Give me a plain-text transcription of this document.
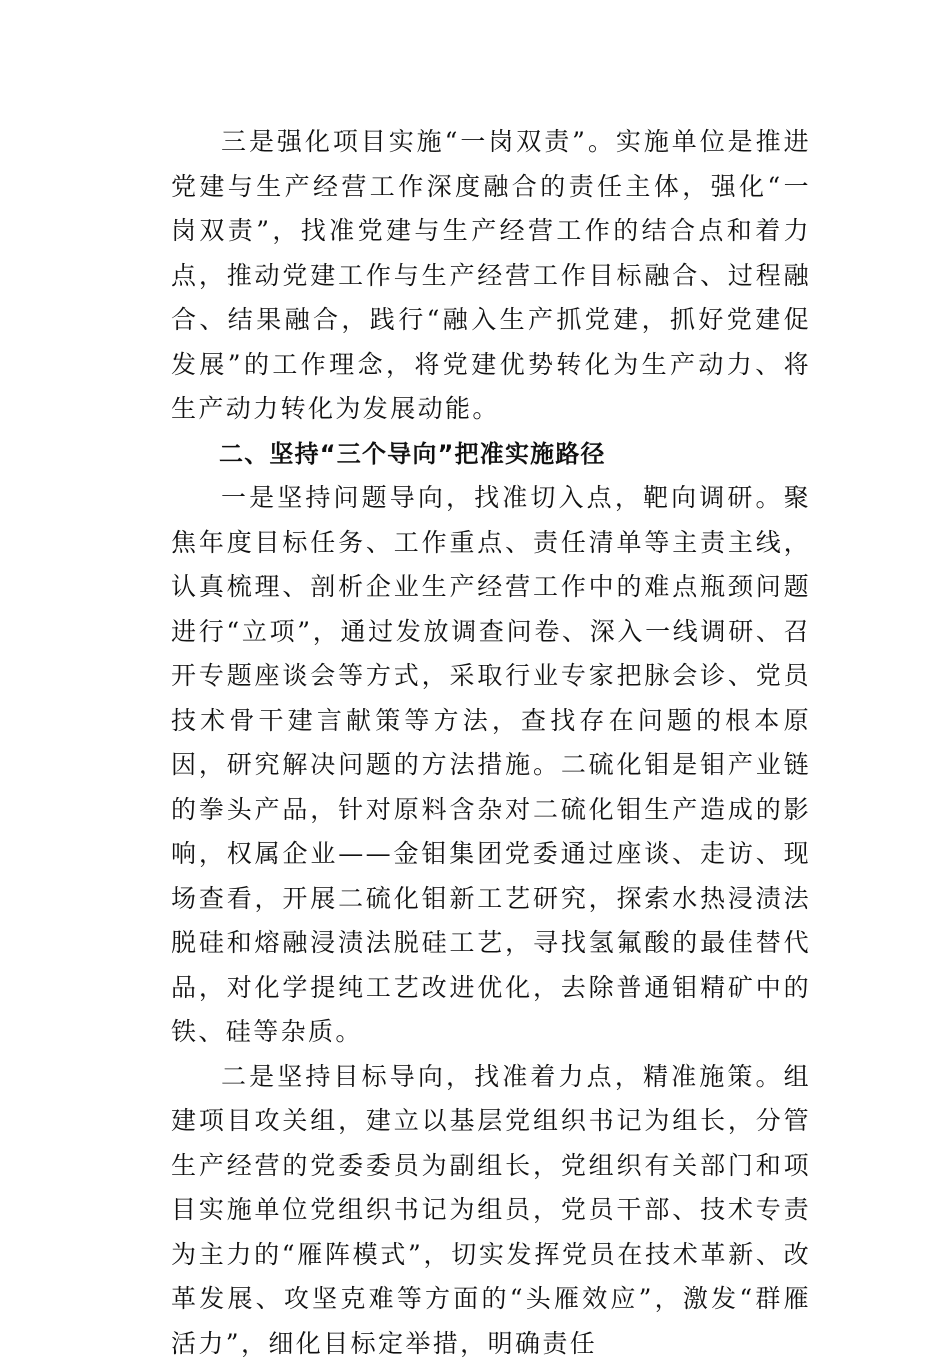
三是强化项目实施“一岗双责”。实施单位是推进党建与生产经营工作深度融合的责任主体，强化“一岗双责”，找准党建与生产经营工作的结合点和着力点，推动党建工作与生产经营工作目标融合、过程融合、结果融合，践行“融入生产抓党建，抓好党建促发展”的工作理念，将党建优势转化为生产动力、将生产动力转化为发展动能。

二、坚持“三个导向”把准实施路径

一是坚持问题导向，找准切入点，靶向调研。聚焦年度目标任务、工作重点、责任清单等主责主线，认真梳理、剖析企业生产经营工作中的难点瓶颈问题进行“立项”，通过发放调查问卷、深入一线调研、召开专题座谈会等方式，采取行业专家把脉会诊、党员技术骨干建言献策等方法，查找存在问题的根本原因，研究解决问题的方法措施。二硫化钼是钼产业链的拳头产品，针对原料含杂对二硫化钼生产造成的影响，权属企业——金钼集团党委通过座谈、走访、现场查看，开展二硫化钼新工艺研究，探索水热浸渍法脱硅和熔融浸渍法脱硅工艺，寻找氢氟酸的最佳替代品，对化学提纯工艺改进优化，去除普通钼精矿中的铁、硅等杂质。

二是坚持目标导向，找准着力点，精准施策。组建项目攻关组，建立以基层党组织书记为组长，分管生产经营的党委委员为副组长，党组织有关部门和项目实施单位党组织书记为组员，党员干部、技术专责为主力的“雁阵模式”，切实发挥党员在技术革新、改革发展、攻坚克难等方面的“头雁效应”，激发“群雁活力”，细化目标定举措，明确责任
